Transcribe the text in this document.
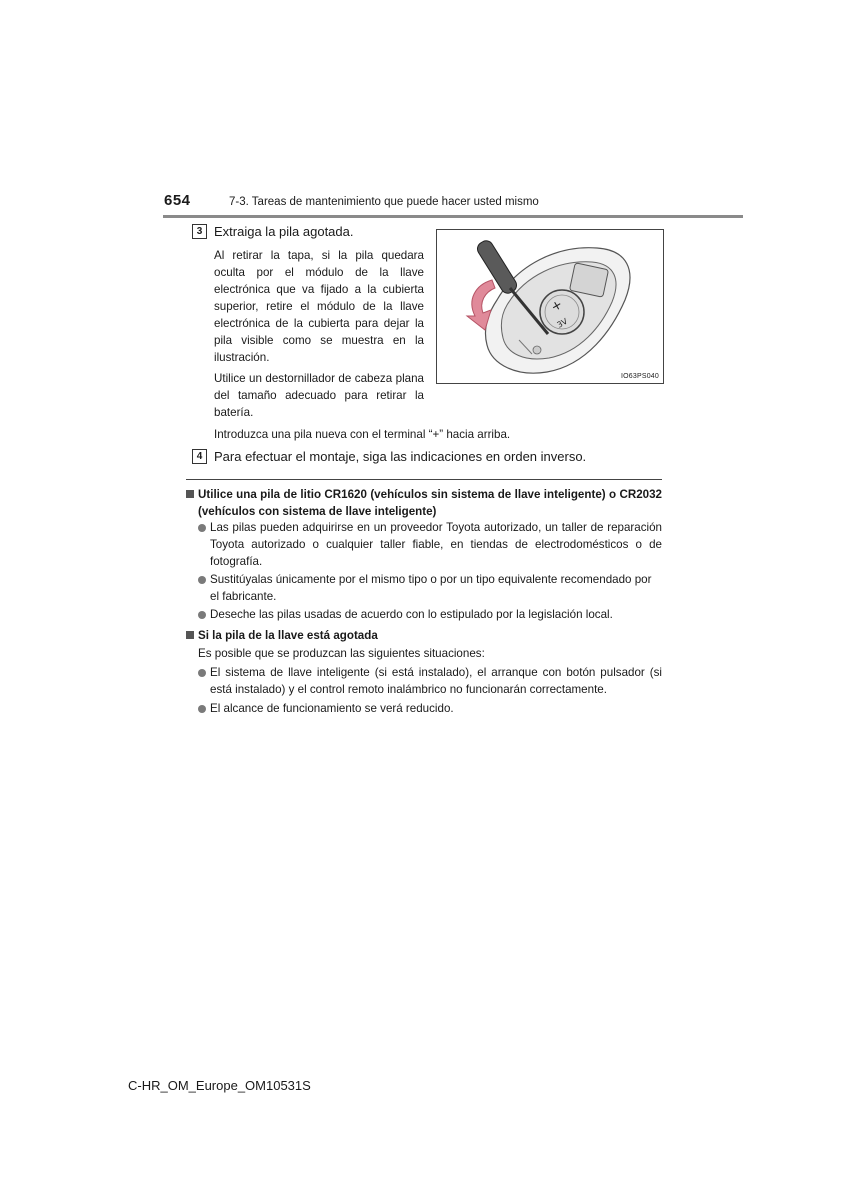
654	7-3. Tareas de mantenimiento que puede hacer usted mismo
3 Extraiga la pila agotada.
Al retirar la tapa, si la pila quedara oculta por el módulo de la llave electrónica que va fijado a la cubierta superior, retire el módulo de la llave electrónica de la cubierta para dejar la pila visible como se muestra en la ilustración.
Utilice un destornillador de cabeza plana del tamaño adecuado para retirar la batería.
Introduzca una pila nueva con el terminal “+” hacia arriba.
+
3V
IO63PS040
4 Para efectuar el montaje, siga las indicaciones en orden inverso.
Utilice una pila de litio CR1620 (vehículos sin sistema de llave inteligente) o CR2032 (vehículos con sistema de llave inteligente)
Las pilas pueden adquirirse en un proveedor Toyota autorizado, un taller de reparación Toyota autorizado o cualquier taller fiable, en tiendas de electrodomésticos o de fotografía.
Sustitúyalas únicamente por el mismo tipo o por un tipo equivalente recomendado por el fabricante.
Deseche las pilas usadas de acuerdo con lo estipulado por la legislación local.
Si la pila de la llave está agotada
Es posible que se produzcan las siguientes situaciones:
El sistema de llave inteligente (si está instalado), el arranque con botón pulsador (si está instalado) y el control remoto inalámbrico no funcionarán correctamente.
El alcance de funcionamiento se verá reducido.
C-HR_OM_Europe_OM10531S
